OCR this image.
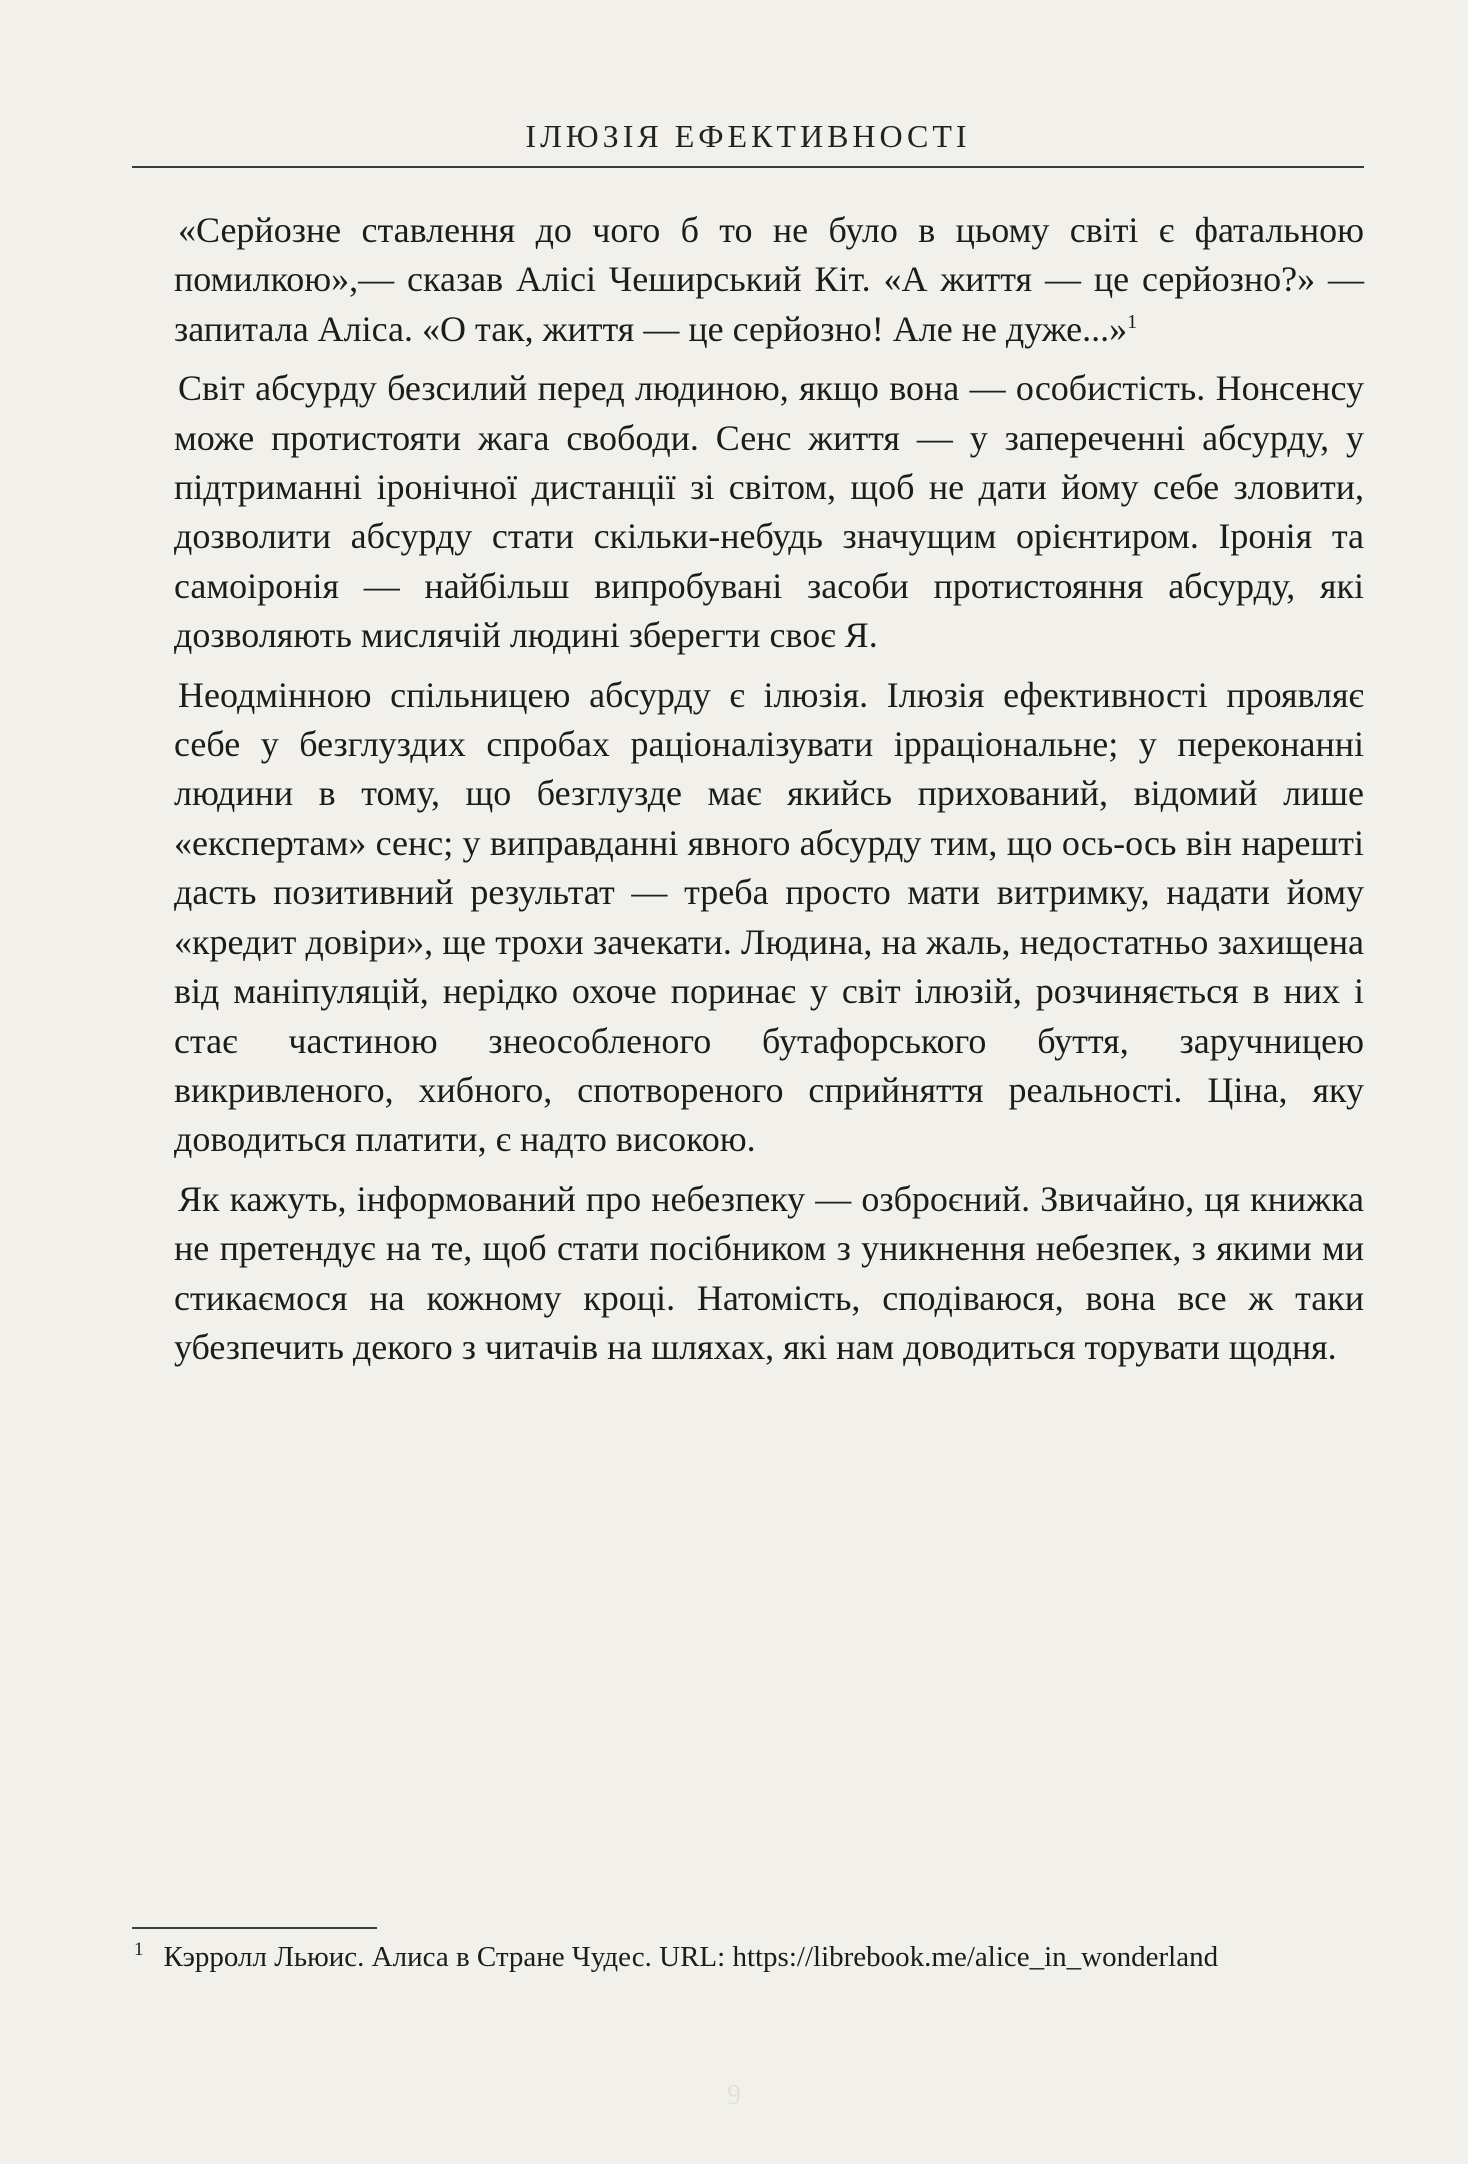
ІЛЮЗІЯ ЕФЕКТИВНОСТІ

«Серйозне ставлення до чого б то не було в цьому світі є фатальною помилкою»,— сказав Алісі Чеширський Кіт. «А життя — це серйозно?» — запитала Аліса. «О так, життя — це серйозно! Але не дуже...»$^1$

Світ абсурду безсилий перед людиною, якщо вона — особистість. Нонсенсу може протистояти жага свободи. Сенс життя — у запереченні абсурду, у підтриманні іронічної дистанції зі світом, щоб не дати йому себе зловити, дозволити абсурду стати скільки-небудь значущим орієнтиром. Іронія та самоіронія — найбільш випробувані засоби протистояння абсурду, які дозволяють мислячій людині зберегти своє Я.

Неодмінною спільницею абсурду є ілюзія. Ілюзія ефективності проявляє себе у безглуздих спробах раціоналізувати ірраціональне; у переконанні людини в тому, що безглузде має якийсь прихований, відомий лише «експертам» сенс; у виправданні явного абсурду тим, що ось-ось він нарешті дасть позитивний результат — треба просто мати витримку, надати йому «кредит довіри», ще трохи зачекати. Людина, на жаль, недостатньо захищена від маніпуляцій, нерідко охоче поринає у світ ілюзій, розчиняється в них і стає частиною знеособленого бутафорського буття, заручницею викривленого, хибного, спотвореного сприйняття реальності. Ціна, яку доводиться платити, є надто високою.

Як кажуть, інформований про небезпеку — озброєний. Звичайно, ця книжка не претендує на те, щоб стати посібником з уникнення небезпек, з якими ми стикаємося на кожному кроці. Натомість, сподіваюся, вона все ж таки убезпечить декого з читачів на шляхах, які нам доводиться торувати щодня.

$^1$ Кэрролл Льюис. Алиса в Стране Чудес. URL: https://librebook.me/alice_in_wonderland
9
